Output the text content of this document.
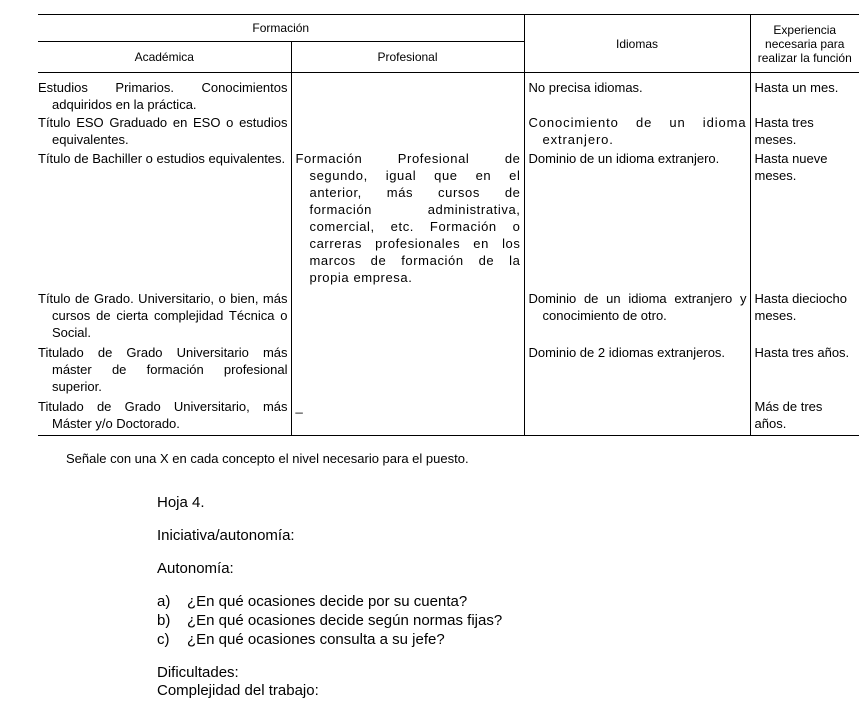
Formación		Idiomas	Experiencia necesaria para realizar la función
Académica	Profesional		

Estudios Primarios. Conocimientos adquiridos en la práctica.		No precisa idiomas.	Hasta un mes.

Título ESO Graduado en ESO o estudios equivalentes.		Conocimiento de un idioma extranjero.	Hasta tres meses.

Título de Bachiller o estudios equivalentes.	Formación Profesional de segundo, igual que en el anterior, más cursos de formación administrativa, comercial, etc. Formación o carreras profesionales en los marcos de formación de la propia empresa.	Dominio de un idioma extranjero.	Hasta nueve meses.

Título de Grado. Universitario, o bien, más cursos de cierta complejidad Técnica o Social.		Dominio de un idioma extranjero y conocimiento de otro.	Hasta dieciocho meses.

Titulado de Grado Universitario más máster de formación profesional superior.		Dominio de 2 idiomas extranjeros.	Hasta tres años.

Titulado de Grado Universitario, más Máster y/o Doctorado.	_		Más de tres años.
Señale con una X en cada concepto el nivel necesario para el puesto.
Hoja 4.
Iniciativa/autonomía:
Autonomía:
a) ¿En qué ocasiones decide por su cuenta?
b) ¿En qué ocasiones decide según normas fijas?
c) ¿En qué ocasiones consulta a su jefe?
Dificultades:
Complejidad del trabajo:
